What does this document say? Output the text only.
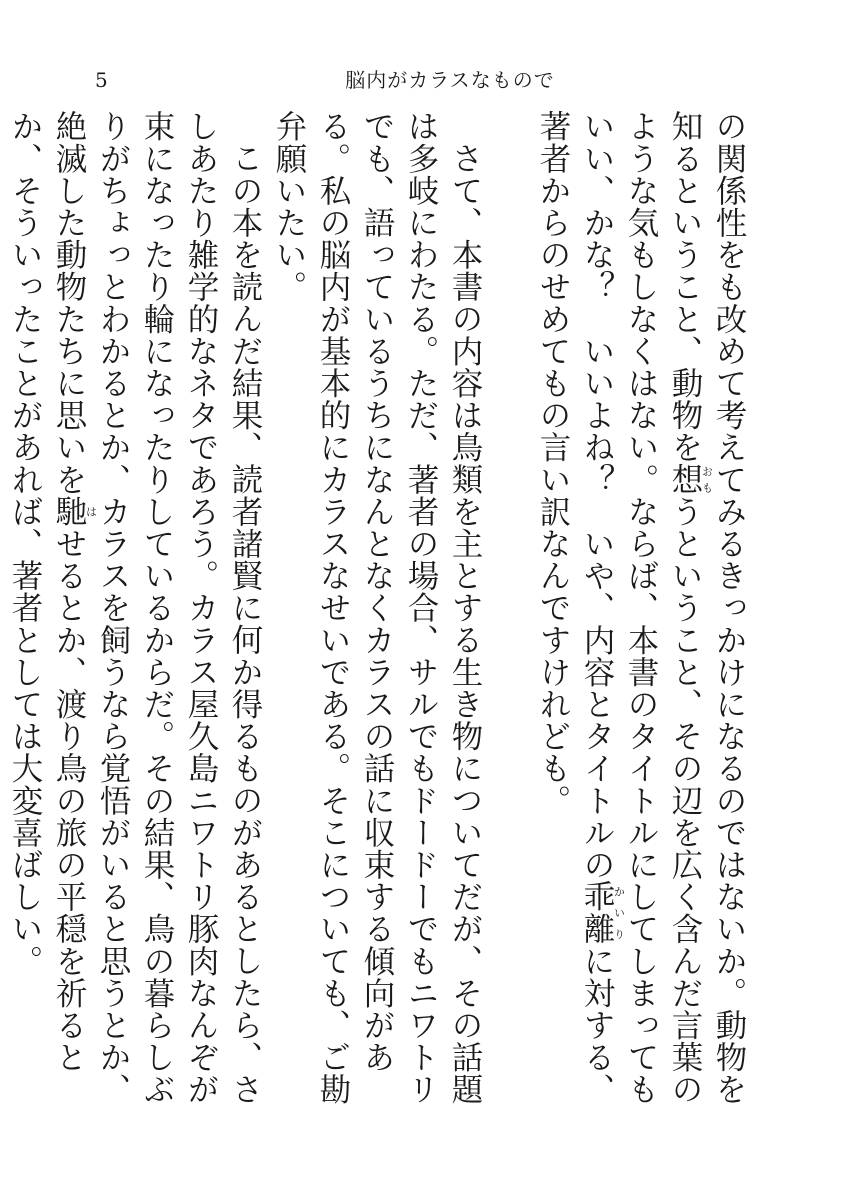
5	脳内がカラスなもので

の関係性をも改めて考えてみるきっかけになるのではないか。動物を知るということ、動物を想おもうということ、その辺を広く含んだ言葉のような気もしなくはない。ならば、本書のタイトルにしてしまってもいい、かな？　いいよね？　いや、内容とタイトルの乖離かいりに対する、著者からのせめてもの言い訳なんですけれども。

さて、本書の内容は鳥類を主とする生き物についてだが、その話題は多岐にわたる。ただ、著者の場合、サルでもドードーでもニワトリでも、語っているうちになんとなくカラスの話に収束する傾向がある。私の脳内が基本的にカラスなせいである。そこについても、ご勘弁願いたい。

この本を読んだ結果、読者諸賢に何か得るものがあるとしたら、さしあたり雑学的なネタであろう。カラス屋久島ニワトリ豚肉なんぞが束になったり輪になったりしているからだ。その結果、鳥の暮らしぶりがちょっとわかるとか、カラスを飼うなら覚悟がいると思うとか、絶滅した動物たちに思いを馳はせるとか、渡り鳥の旅の平穏を祈るとか、そういったことがあれば、著者としては大変喜ばしい。
